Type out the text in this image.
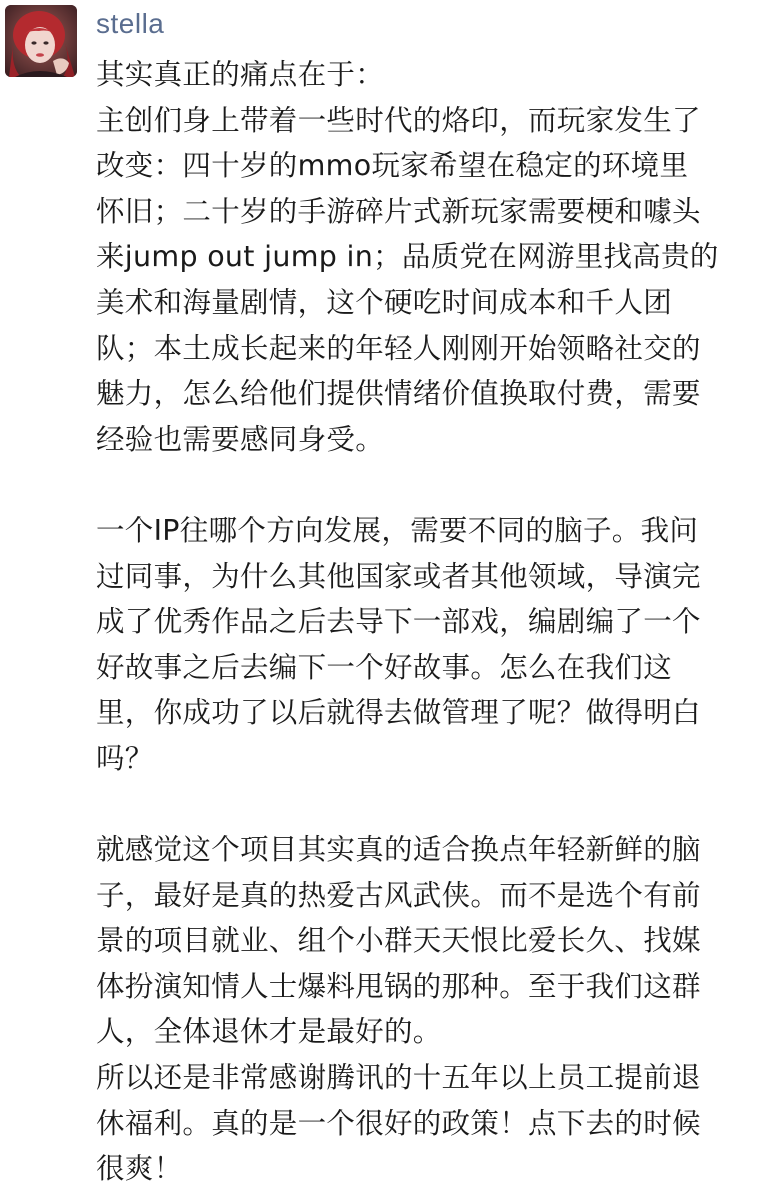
stella
其实真正的痛点在于：
主创们身上带着一些时代的烙印，而玩家发生了
改变：四十岁的mmo玩家希望在稳定的环境里
怀旧；二十岁的手游碎片式新玩家需要梗和噱头
来jump out jump in；品质党在网游里找高贵的
美术和海量剧情，这个硬吃时间成本和千人团
队；本土成长起来的年轻人刚刚开始领略社交的
魅力，怎么给他们提供情绪价值换取付费，需要
经验也需要感同身受。
一个IP往哪个方向发展，需要不同的脑子。我问
过同事，为什么其他国家或者其他领域，导演完
成了优秀作品之后去导下一部戏，编剧编了一个
好故事之后去编下一个好故事。怎么在我们这
里，你成功了以后就得去做管理了呢？做得明白
吗？
就感觉这个项目其实真的适合换点年轻新鲜的脑
子，最好是真的热爱古风武侠。而不是选个有前
景的项目就业、组个小群天天恨比爱长久、找媒
体扮演知情人士爆料甩锅的那种。至于我们这群
人，全体退休才是最好的。
所以还是非常感谢腾讯的十五年以上员工提前退
休福利。真的是一个很好的政策！点下去的时候
很爽！
